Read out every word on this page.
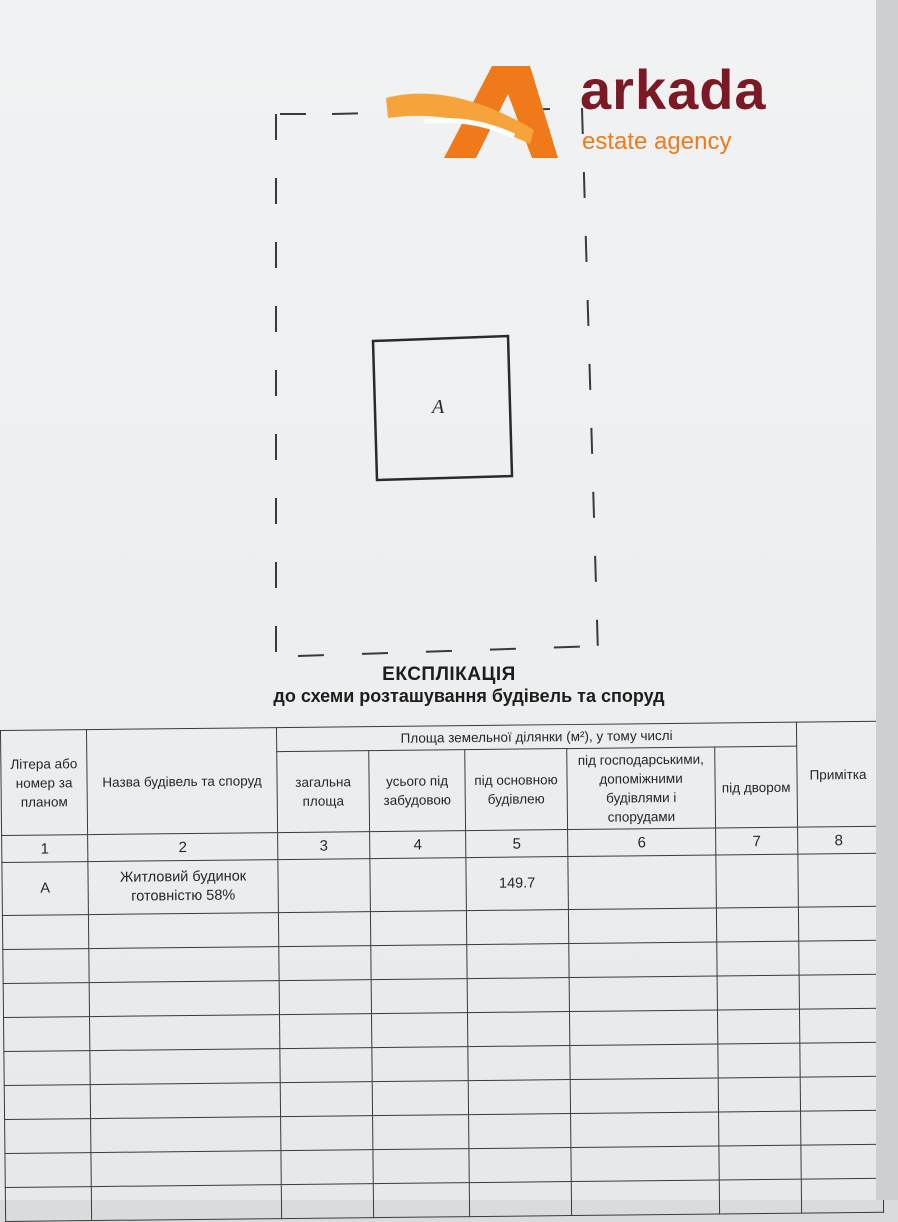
А
arkada
estate agency
ЕКСПЛІКАЦІЯ
до схеми розташування будівель та споруд
Літера або номер за планом	Назва будівель та споруд	Площа земельної ділянки (м²), у тому числі					Примітка
		загальна площа	усього під забудовою	під основною будівлею	під господарськими, допоміжними будівлями і спорудами	під двором	
1	2	3	4	5	6	7	8
А	Житловий будинок готовністю 58%			149.7			
